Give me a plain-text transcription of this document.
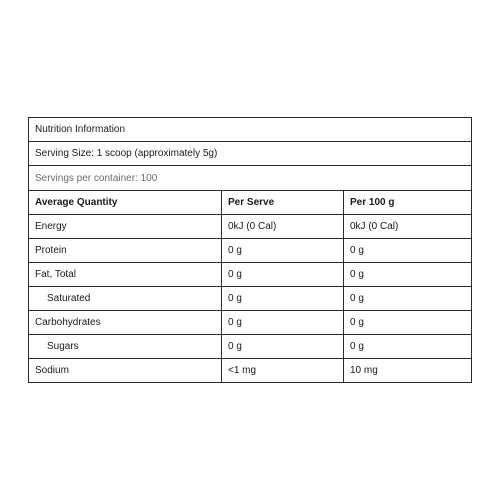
Nutrition Information		
Serving Size: 1 scoop (approximately 5g)		
Servings per container: 100		
Average Quantity	Per Serve	Per 100 g
Energy	0kJ (0 Cal)	0kJ (0 Cal)
Protein	0 g	0 g
Fat, Total	0 g	0 g
Saturated	0 g	0 g
Carbohydrates	0 g	0 g
Sugars	0 g	0 g
Sodium	<1 mg	10 mg
